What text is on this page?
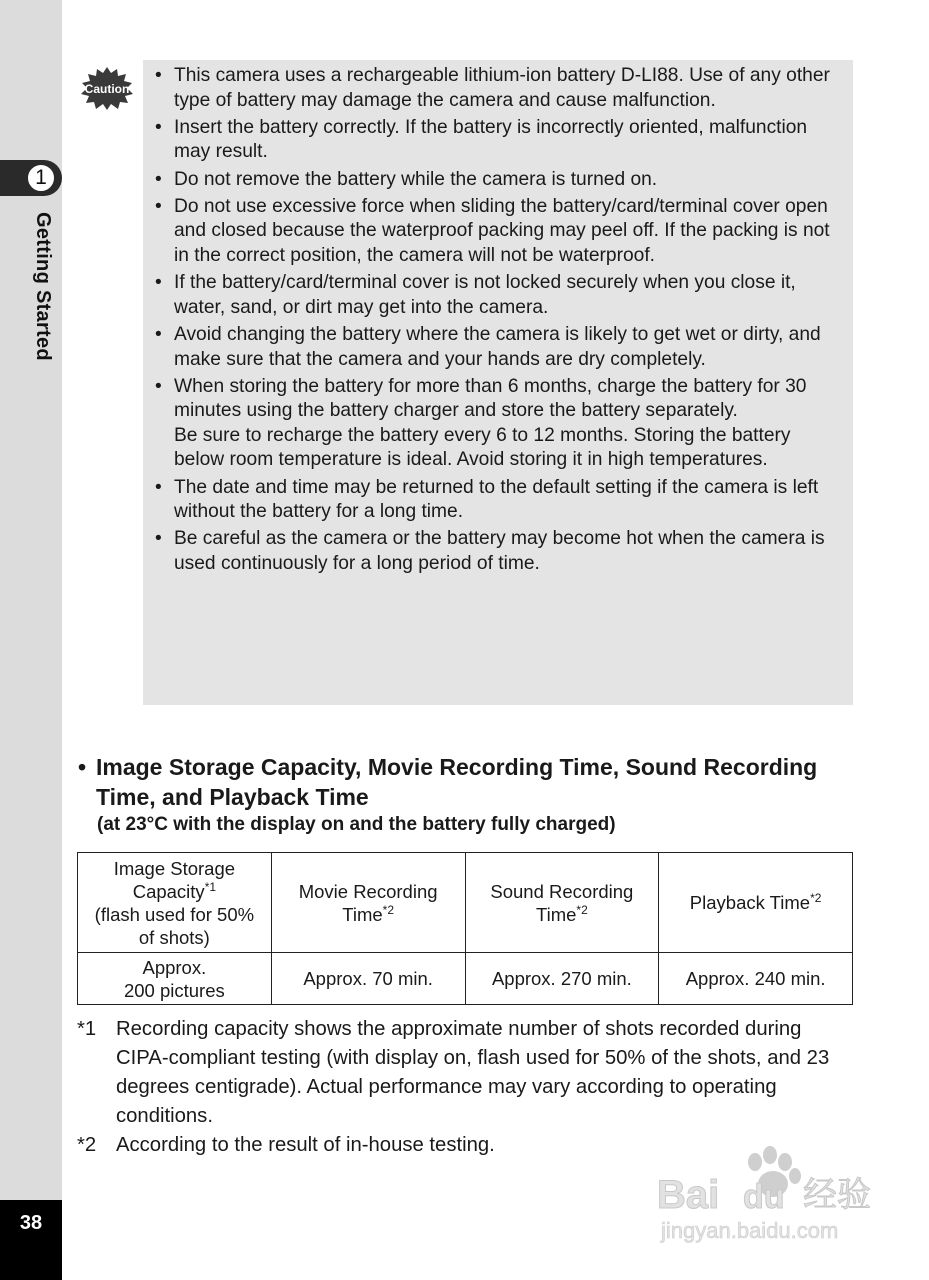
1
Getting Started
38
Caution
• This camera uses a rechargeable lithium-ion battery D-LI88. Use of any other type of battery may damage the camera and cause malfunction.
• Insert the battery correctly. If the battery is incorrectly oriented, malfunction may result.
• Do not remove the battery while the camera is turned on.
• Do not use excessive force when sliding the battery/card/terminal cover open and closed because the waterproof packing may peel off. If the packing is not in the correct position, the camera will not be waterproof.
• If the battery/card/terminal cover is not locked securely when you close it, water, sand, or dirt may get into the camera.
• Avoid changing the battery where the camera is likely to get wet or dirty, and make sure that the camera and your hands are dry completely.
• When storing the battery for more than 6 months, charge the battery for 30 minutes using the battery charger and store the battery separately.
Be sure to recharge the battery every 6 to 12 months. Storing the battery below room temperature is ideal. Avoid storing it in high temperatures.
• The date and time may be returned to the default setting if the camera is left without the battery for a long time.
• Be careful as the camera or the battery may become hot when the camera is used continuously for a long period of time.
• Image Storage Capacity, Movie Recording Time, Sound Recording Time, and Playback Time
(at 23°C with the display on and the battery fully charged)
Image Storage
Capacity$^{*1}$
(flash used for 50%
of shots)	Movie Recording
Time$^{*2}$	Sound Recording
Time$^{*2}$	Playback Time$^{*2}$
Approx.
200 pictures	Approx. 70 min.	Approx. 270 min.	Approx. 240 min.
*1 Recording capacity shows the approximate number of shots recorded during CIPA-compliant testing (with display on, flash used for 50% of the shots, and 23 degrees centigrade). Actual performance may vary according to operating conditions.
*2 According to the result of in-house testing.
Bai du 经验
jingyan.baidu.com
